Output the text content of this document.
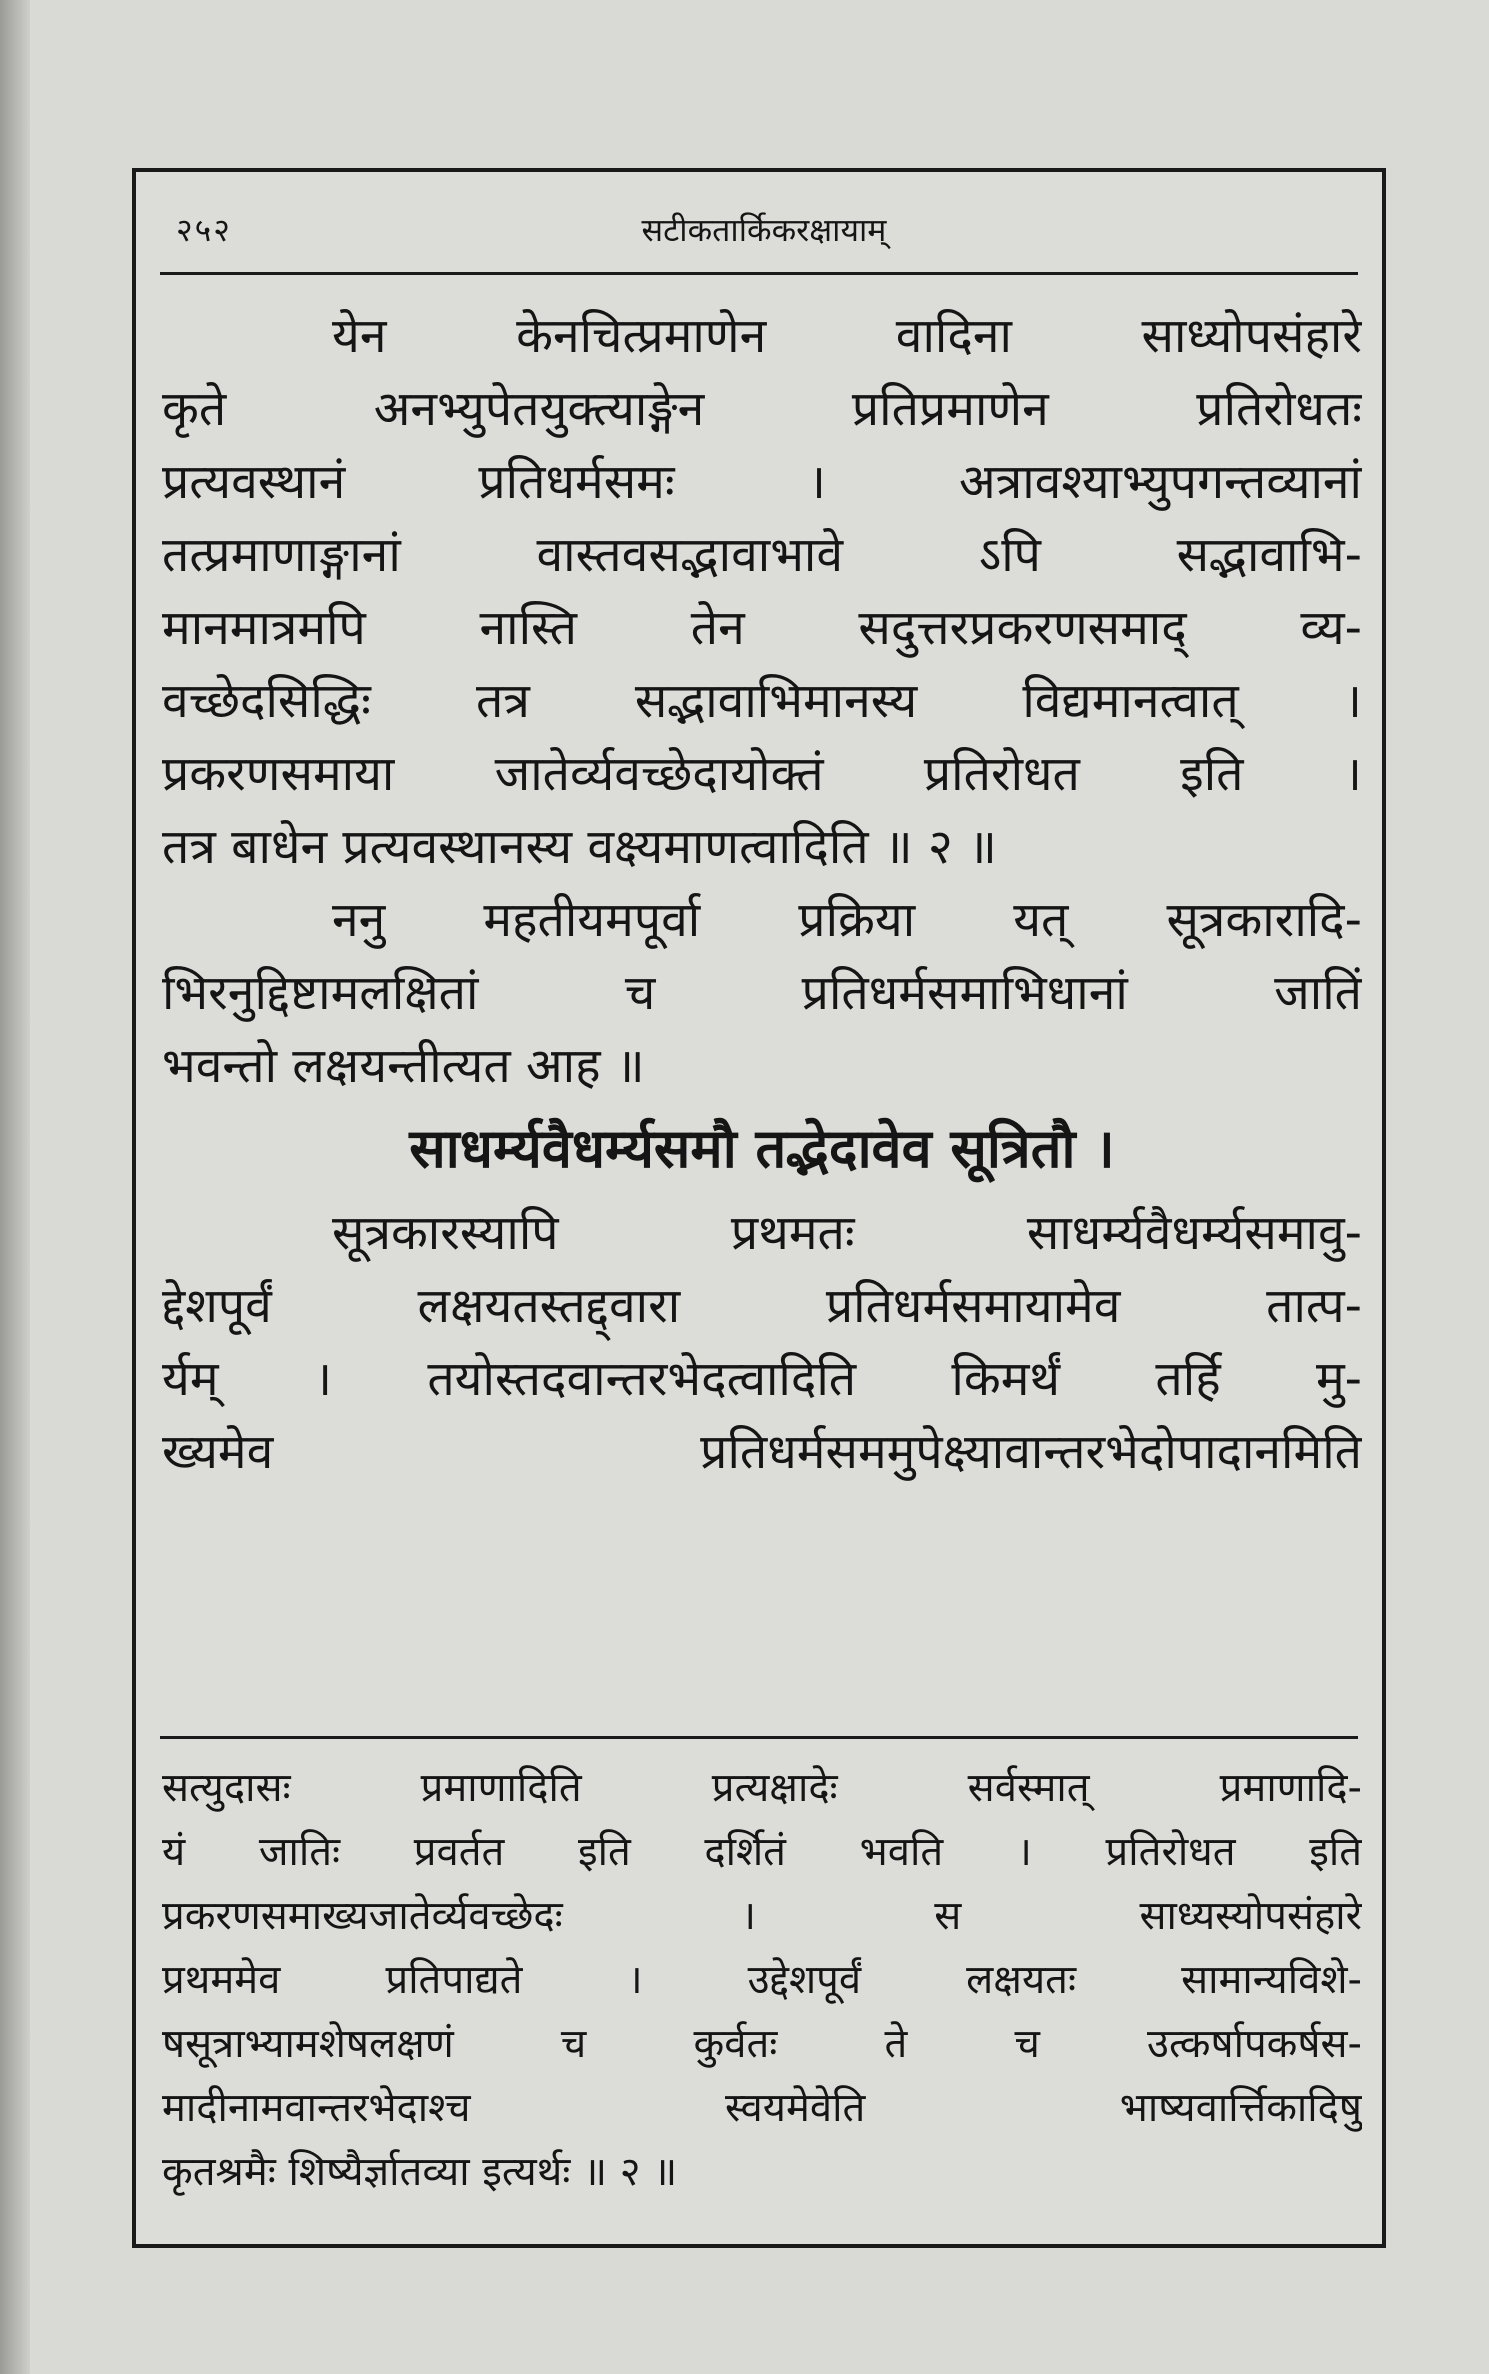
२५२	सटीकतार्किकरक्षायाम्
येन केनचित्प्रमाणेन वादिना साध्योपसंहारे
कृते अनभ्युपेतयुक्त्याङ्गेन प्रतिप्रमाणेन प्रतिरोधतः
प्रत्यवस्थानं प्रतिधर्मसमः । अत्रावश्याभ्युपगन्तव्यानां
तत्प्रमाणाङ्गानां वास्तवसद्भावाभावे ऽपि सद्भावाभि-
मानमात्रमपि नास्ति तेन सदुत्तरप्रकरणसमाद् व्य-
वच्छेदसिद्धिः तत्र सद्भावाभिमानस्य विद्यमानत्वात् ।
प्रकरणसमाया जातेर्व्यवच्छेदायोक्तं प्रतिरोधत इति ।
तत्र बाधेन प्रत्यवस्थानस्य वक्ष्यमाणत्वादिति ॥ २ ॥
ननु महतीयमपूर्वा प्रक्रिया यत् सूत्रकारादि-
भिरनुद्दिष्टामलक्षितां च प्रतिधर्मसमाभिधानां जातिं
भवन्तो लक्षयन्तीत्यत आह ॥
साधर्म्यवैधर्म्यसमौ तद्भेदावेव सूत्रितौ ।
सूत्रकारस्यापि प्रथमतः साधर्म्यवैधर्म्यसमावु-
द्देशपूर्वं लक्षयतस्तद्द्वारा प्रतिधर्मसमायामेव तात्प-
र्यम् । तयोस्तदवान्तरभेदत्वादिति किमर्थं तर्हि मु-
ख्यमेव प्रतिधर्मसममुपेक्ष्यावान्तरभेदोपादानमिति
सत्युदासः प्रमाणादिति प्रत्यक्षादेः सर्वस्मात् प्रमाणादि-
यं जातिः प्रवर्तत इति दर्शितं भवति । प्रतिरोधत इति
प्रकरणसमाख्यजातेर्व्यवच्छेदः । स साध्यस्योपसंहारे
प्रथममेव प्रतिपाद्यते । उद्देशपूर्वं लक्षयतः सामान्यविशे-
षसूत्राभ्यामशेषलक्षणं च कुर्वतः ते च उत्कर्षापकर्षस-
मादीनामवान्तरभेदाश्च स्वयमेवेति भाष्यवार्त्तिकादिषु
कृतश्रमैः शिष्यैर्ज्ञातव्या इत्यर्थः ॥ २ ॥
